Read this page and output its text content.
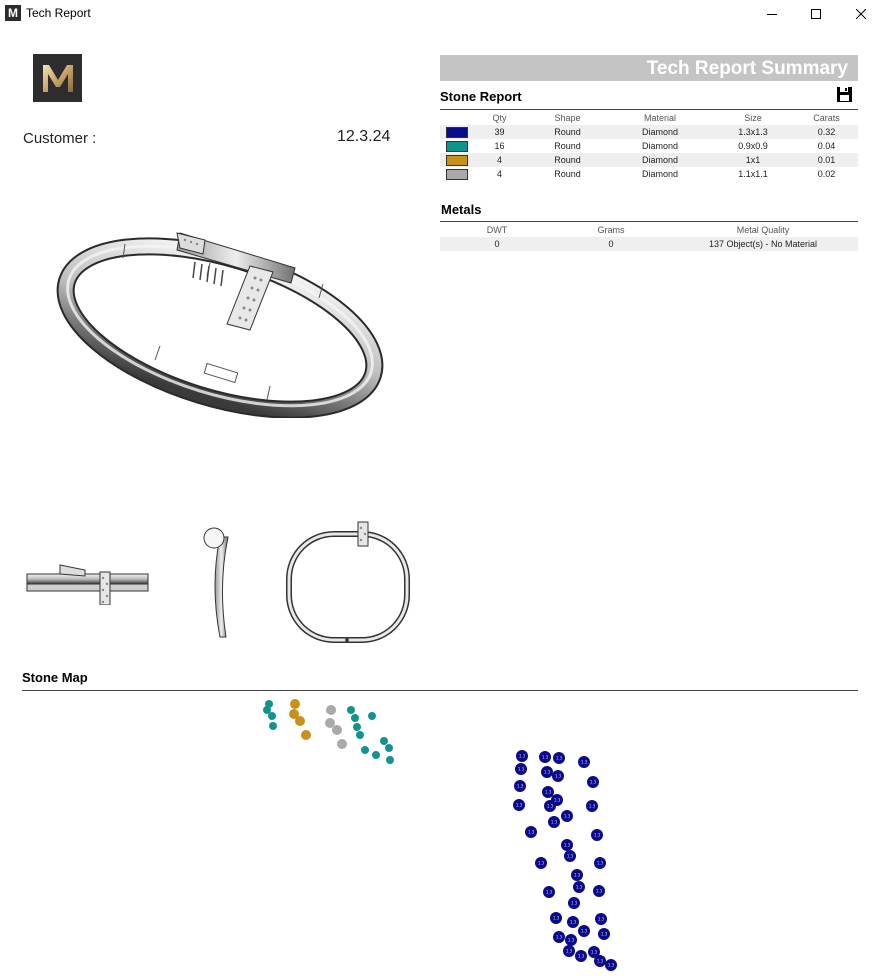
M Tech Report
Customer :	12.3.24
Tech Report Summary
Stone Report
	Qty	Shape	Material	Size	Carats
	39	Round	Diamond	1.3x1.3	0.32
	16	Round	Diamond	0.9x0.9	0.04
	4	Round	Diamond	1x1	0.01
	4	Round	Diamond	1.1x1.1	0.02
Metals
DWT	Grams	Metal Quality
0	0	137 Object(s) - No Material
Stone Map
1.3
1.3
1.3
1.3
1.3
1.3
1.3
1.3
1.3
1.3
1.3
1.3	1.3	1.3
1.3
1.3
1.3
1.3
1.3
1.3
1.3	1.3
1.3
1.3
1.3	1.3
1.3
1.3
1.3
1.3
1.3
1.3
1.3
1.3
1.3
1.3
1.3
1.3
1.3
